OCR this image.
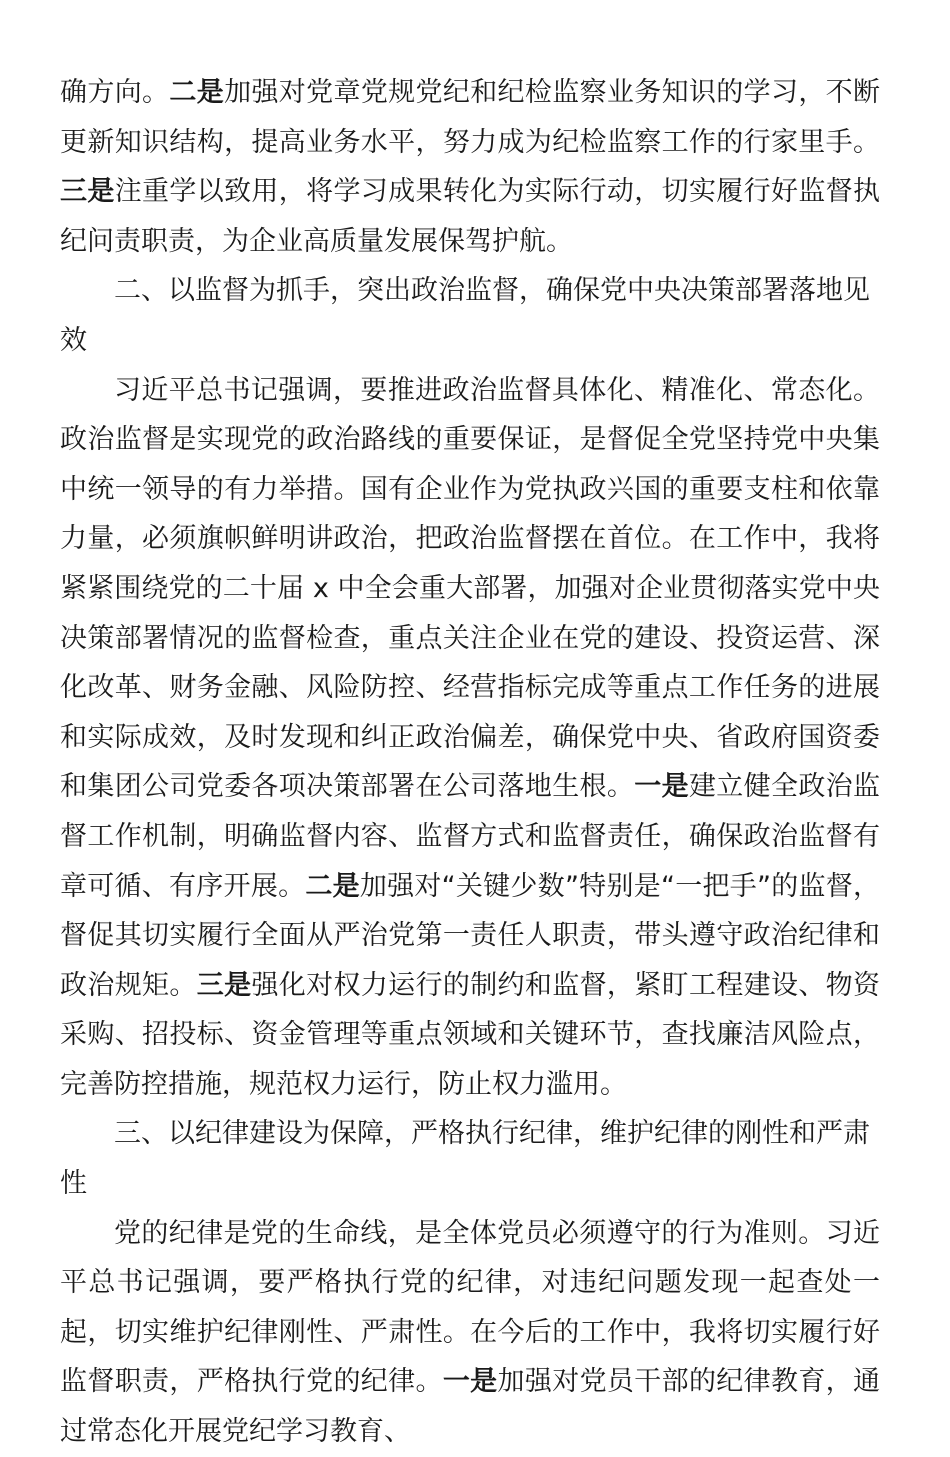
确方向。二是加强对党章党规党纪和纪检监察业务知识的学习，不断更新知识结构，提高业务水平，努力成为纪检监察工作的行家里手。三是注重学以致用，将学习成果转化为实际行动，切实履行好监督执纪问责职责，为企业高质量发展保驾护航。

二、以监督为抓手，突出政治监督，确保党中央决策部署落地见效

习近平总书记强调，要推进政治监督具体化、精准化、常态化。政治监督是实现党的政治路线的重要保证，是督促全党坚持党中央集中统一领导的有力举措。国有企业作为党执政兴国的重要支柱和依靠力量，必须旗帜鲜明讲政治，把政治监督摆在首位。在工作中，我将紧紧围绕党的二十届 x 中全会重大部署，加强对企业贯彻落实党中央决策部署情况的监督检查，重点关注企业在党的建设、投资运营、深化改革、财务金融、风险防控、经营指标完成等重点工作任务的进展和实际成效，及时发现和纠正政治偏差，确保党中央、省政府国资委和集团公司党委各项决策部署在公司落地生根。一是建立健全政治监督工作机制，明确监督内容、监督方式和监督责任，确保政治监督有章可循、有序开展。二是加强对“关键少数”特别是“一把手”的监督，督促其切实履行全面从严治党第一责任人职责，带头遵守政治纪律和政治规矩。三是强化对权力运行的制约和监督，紧盯工程建设、物资采购、招投标、资金管理等重点领域和关键环节，查找廉洁风险点，完善防控措施，规范权力运行，防止权力滥用。

三、以纪律建设为保障，严格执行纪律，维护纪律的刚性和严肃性

党的纪律是党的生命线，是全体党员必须遵守的行为准则。习近平总书记强调，要严格执行党的纪律，对违纪问题发现一起查处一起，切实维护纪律刚性、严肃性。在今后的工作中，我将切实履行好监督职责，严格执行党的纪律。一是加强对党员干部的纪律教育，通过常态化开展党纪学习教育、
